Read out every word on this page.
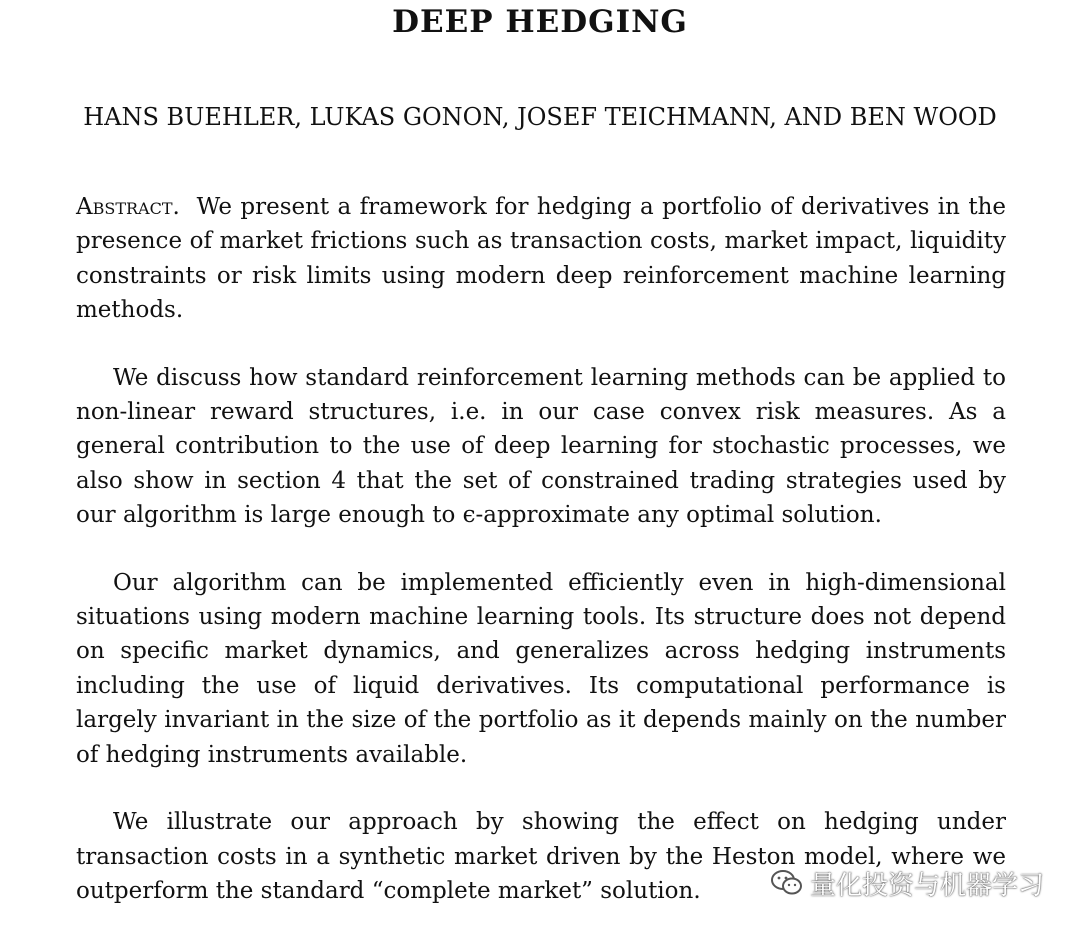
DEEP HEDGING

HANS BUEHLER, LUKAS GONON, JOSEF TEICHMANN, AND BEN WOOD

Abstract. We present a framework for hedging a portfolio of derivatives in the presence of market frictions such as transaction costs, market impact, liquidity constraints or risk limits using modern deep reinforcement machine learning methods.

We discuss how standard reinforcement learning methods can be applied to non-linear reward structures, i.e. in our case convex risk measures. As a general contribution to the use of deep learning for stochastic processes, we also show in section 4 that the set of constrained trading strategies used by our algorithm is large enough to ϵ-approximate any optimal solution.

Our algorithm can be implemented efficiently even in high-dimensional situations using modern machine learning tools. Its structure does not depend on specific market dynamics, and generalizes across hedging instruments including the use of liquid derivatives. Its computational performance is largely invariant in the size of the portfolio as it depends mainly on the number of hedging instruments available.

We illustrate our approach by showing the effect on hedging under transaction costs in a synthetic market driven by the Heston model, where we outperform the standard “complete market” solution.	量化投资与机器学习
